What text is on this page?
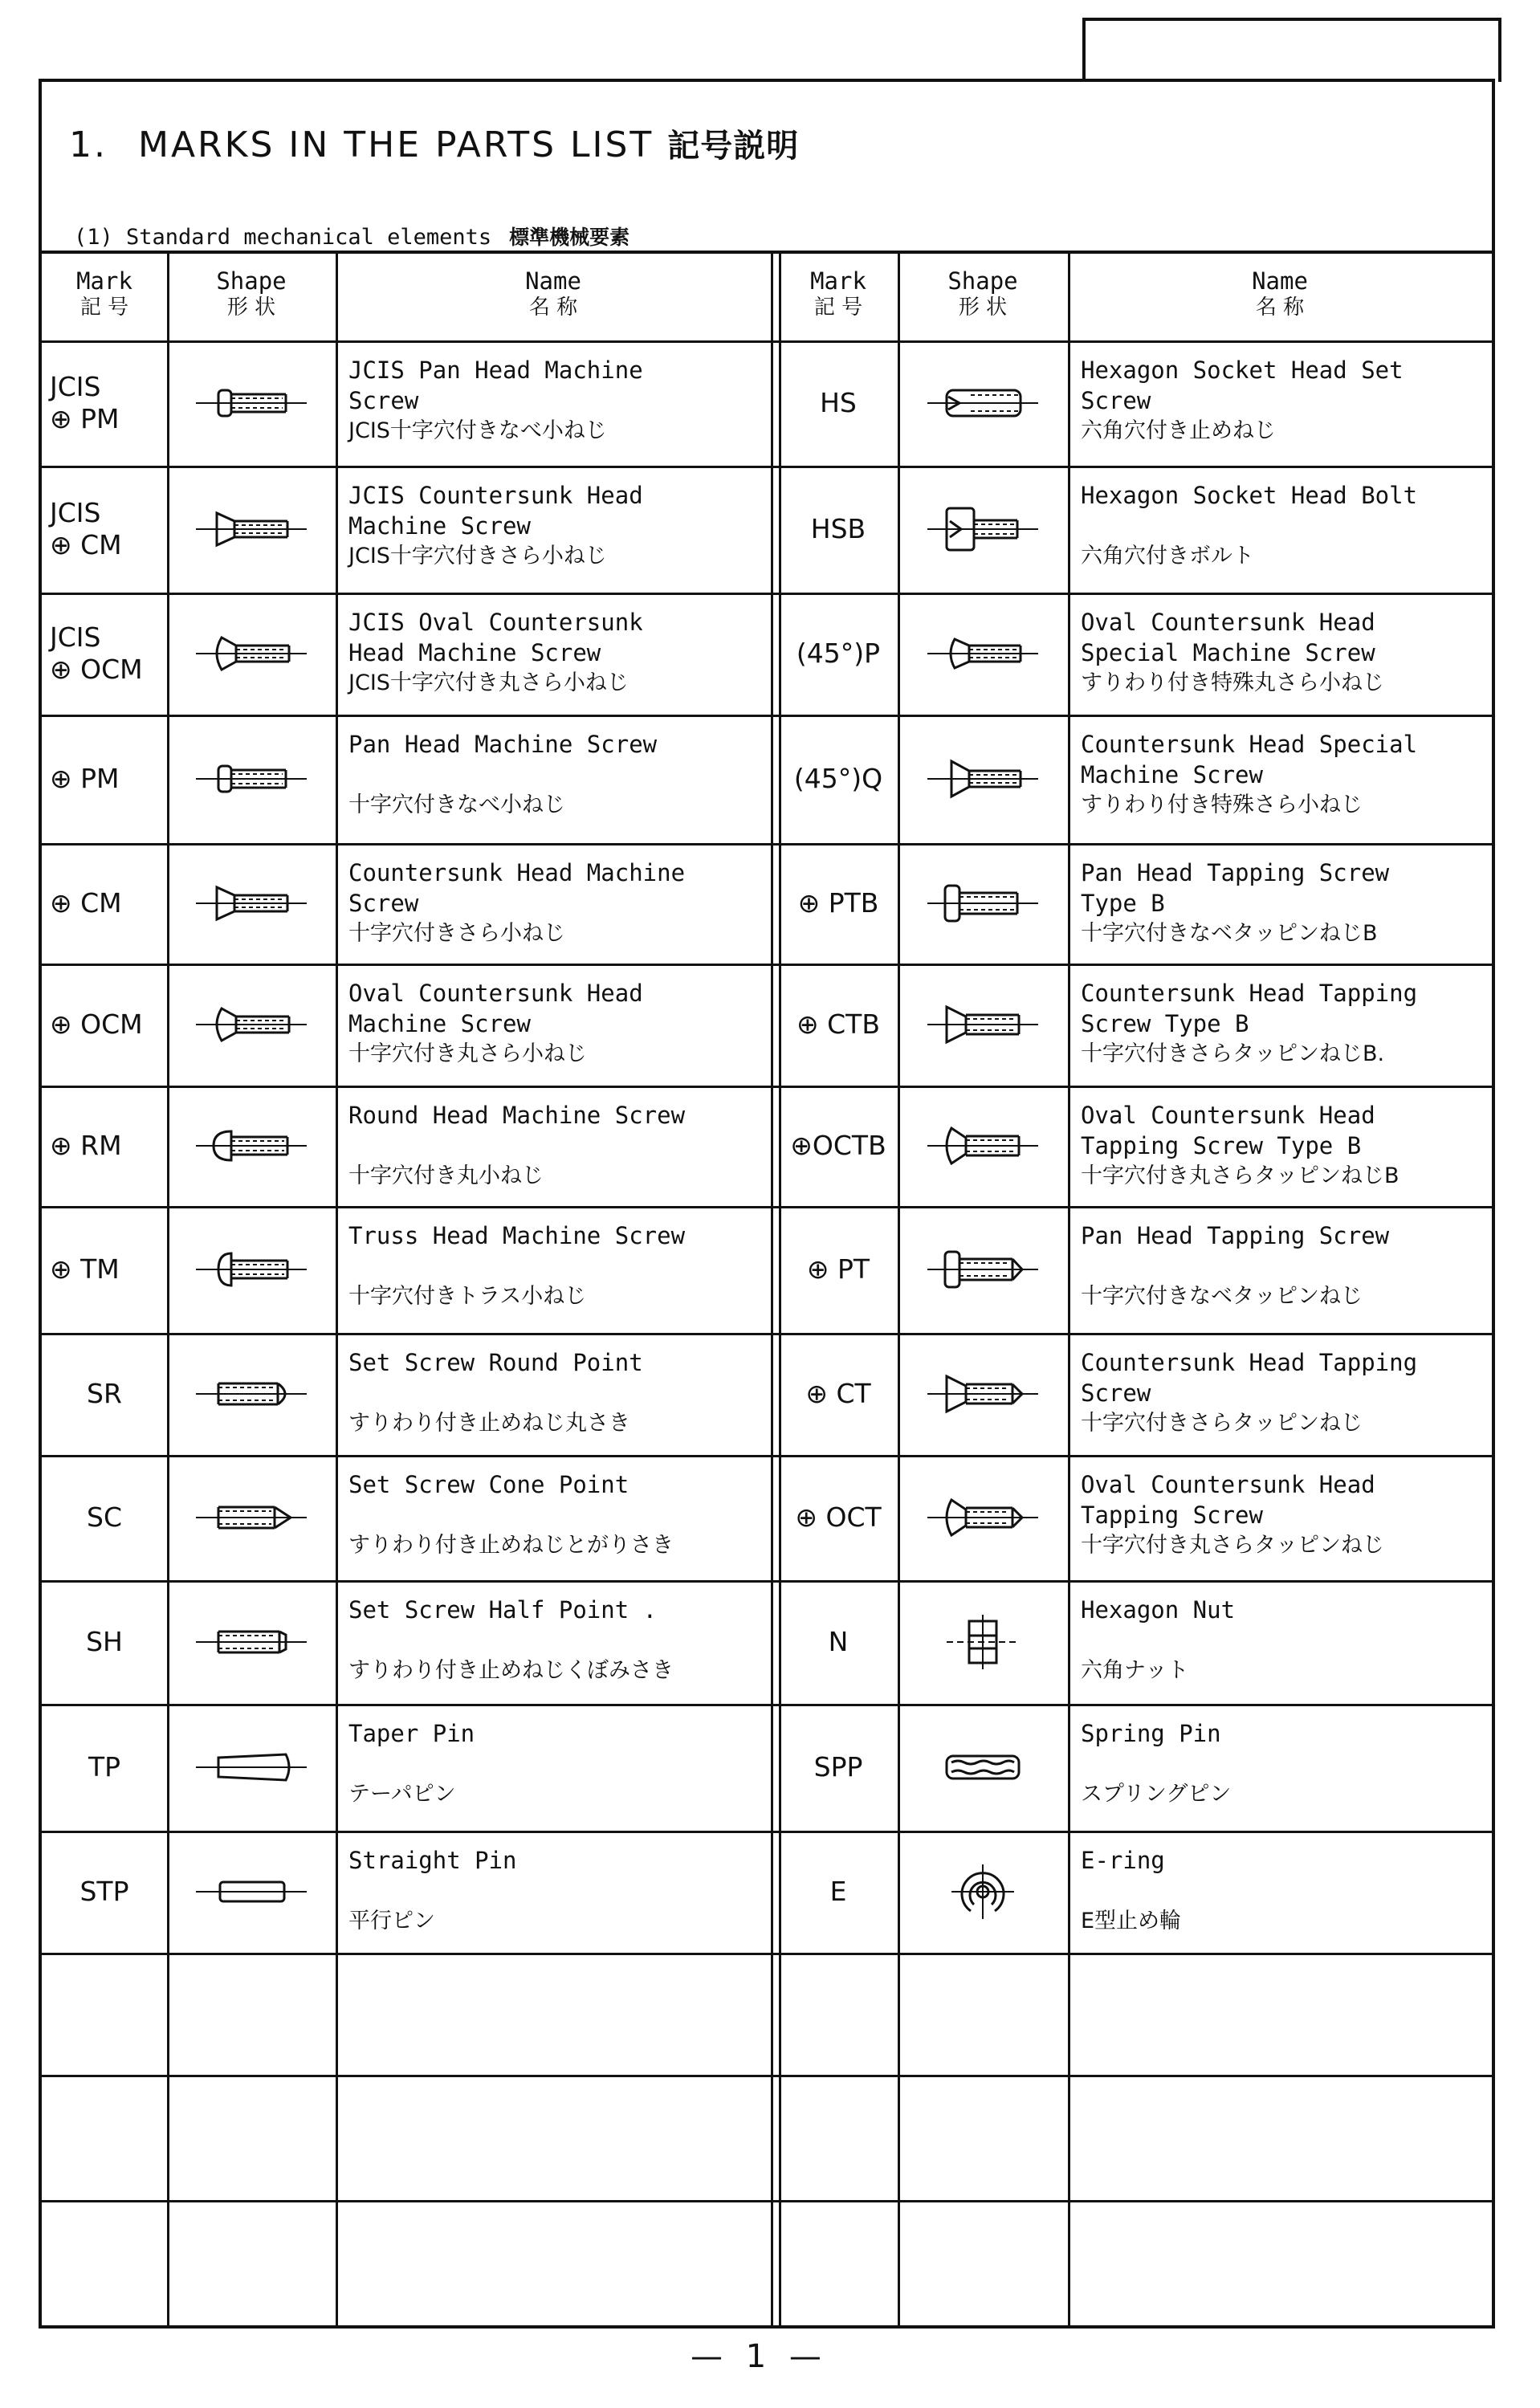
1. MARKS IN THE PARTS LIST 記号説明
(1) Standard mechanical elements 標準機械要素
Mark
記 号
Shape
形 状
Name
名 称
Mark
記 号
Shape
形 状
Name
名 称
JCIS
⊕ PM
JCIS Pan Head Machine
Screw
JCIS十字穴付きなべ小ねじ
JCIS
⊕ CM
JCIS Countersunk Head
Machine Screw
JCIS十字穴付きさら小ねじ
JCIS
⊕ OCM
JCIS Oval Countersunk
Head Machine Screw
JCIS十字穴付き丸さら小ねじ
⊕ PM
Pan Head Machine Screw
十字穴付きなべ小ねじ
⊕ CM
Countersunk Head Machine
Screw
十字穴付きさら小ねじ
⊕ OCM
Oval Countersunk Head
Machine Screw
十字穴付き丸さら小ねじ
⊕ RM
Round Head Machine Screw
十字穴付き丸小ねじ
⊕ TM
Truss Head Machine Screw
十字穴付きトラス小ねじ
SR
Set Screw Round Point
すりわり付き止めねじ丸さき
SC
Set Screw Cone Point
すりわり付き止めねじとがりさき
SH
Set Screw Half Point .
すりわり付き止めねじくぼみさき
TP
Taper Pin
テーパピン
STP
Straight Pin
平行ピン
HS
Hexagon Socket Head Set
Screw
六角穴付き止めねじ
HSB
Hexagon Socket Head Bolt
六角穴付きボルト
(45°)P
Oval Countersunk Head
Special Machine Screw
すりわり付き特殊丸さら小ねじ
(45°)Q
Countersunk Head Special
Machine Screw
すりわり付き特殊さら小ねじ
⊕ PTB
Pan Head Tapping Screw
Type B
十字穴付きなベタッピンねじB
⊕ CTB
Countersunk Head Tapping
Screw Type B
十字穴付きさらタッピンねじB.
⊕OCTB
Oval Countersunk Head
Tapping Screw Type B
十字穴付き丸さらタッピンねじB
⊕ PT
Pan Head Tapping Screw
十字穴付きなベタッピンねじ
⊕ CT
Countersunk Head Tapping
Screw
十字穴付きさらタッピンねじ
⊕ OCT
Oval Countersunk Head
Tapping Screw
十字穴付き丸さらタッピンねじ
N
Hexagon Nut
六角ナット
SPP
Spring Pin
スプリングピン
E
E-ring
E型止め輪
— 1 —
